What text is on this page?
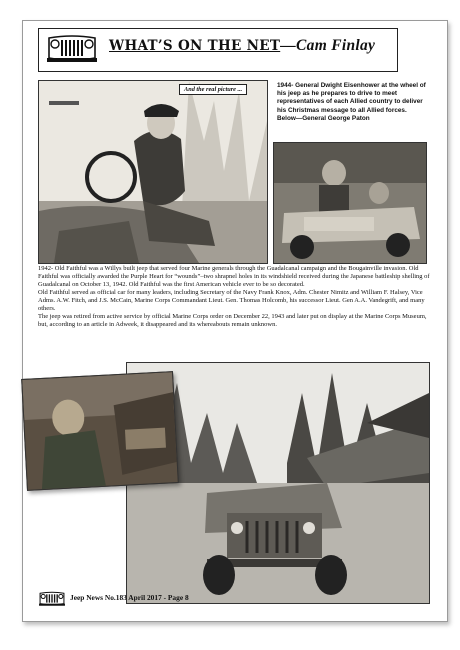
WHAT’S ON THE NET—Cam Finlay
And the real picture ...
1944- General Dwight Eisenhower at the wheel of his jeep as he prepares to drive to meet representatives of each Allied country to deliver his Christmas message to all Allied forces.
Below—General George Paton

1942- Old Faithful was a Willys built jeep that served four Marine generals through the Guadalcanal campaign and the Bougainville invasion. Old Faithful was officially awarded the Purple Heart for “wounds”–two shrapnel holes in its windshield received during the Japanese battleship shelling of Guadalcanal on October 13, 1942. Old Faithful was the first American vehicle ever to be so decorated.

Old Faithful served as official car for many leaders, including Secretary of the Navy Frank Knox, Adm. Chester Nimitz and William F. Halsey, Vice Adms. A.W. Fitch, and J.S. McCain, Marine Corps Commandant Lieut. Gen. Thomas Holcomb, his successor Lieut. Gen A.A. Vandegrift, and many others.

The jeep was retired from active service by official Marine Corps order on December 22, 1943 and later put on display at the Marine Corps Museum, but, according to an article in Adweek, it disappeared and its whereabouts remain unknown.

Jeep News No.183 April 2017 - Page 8
